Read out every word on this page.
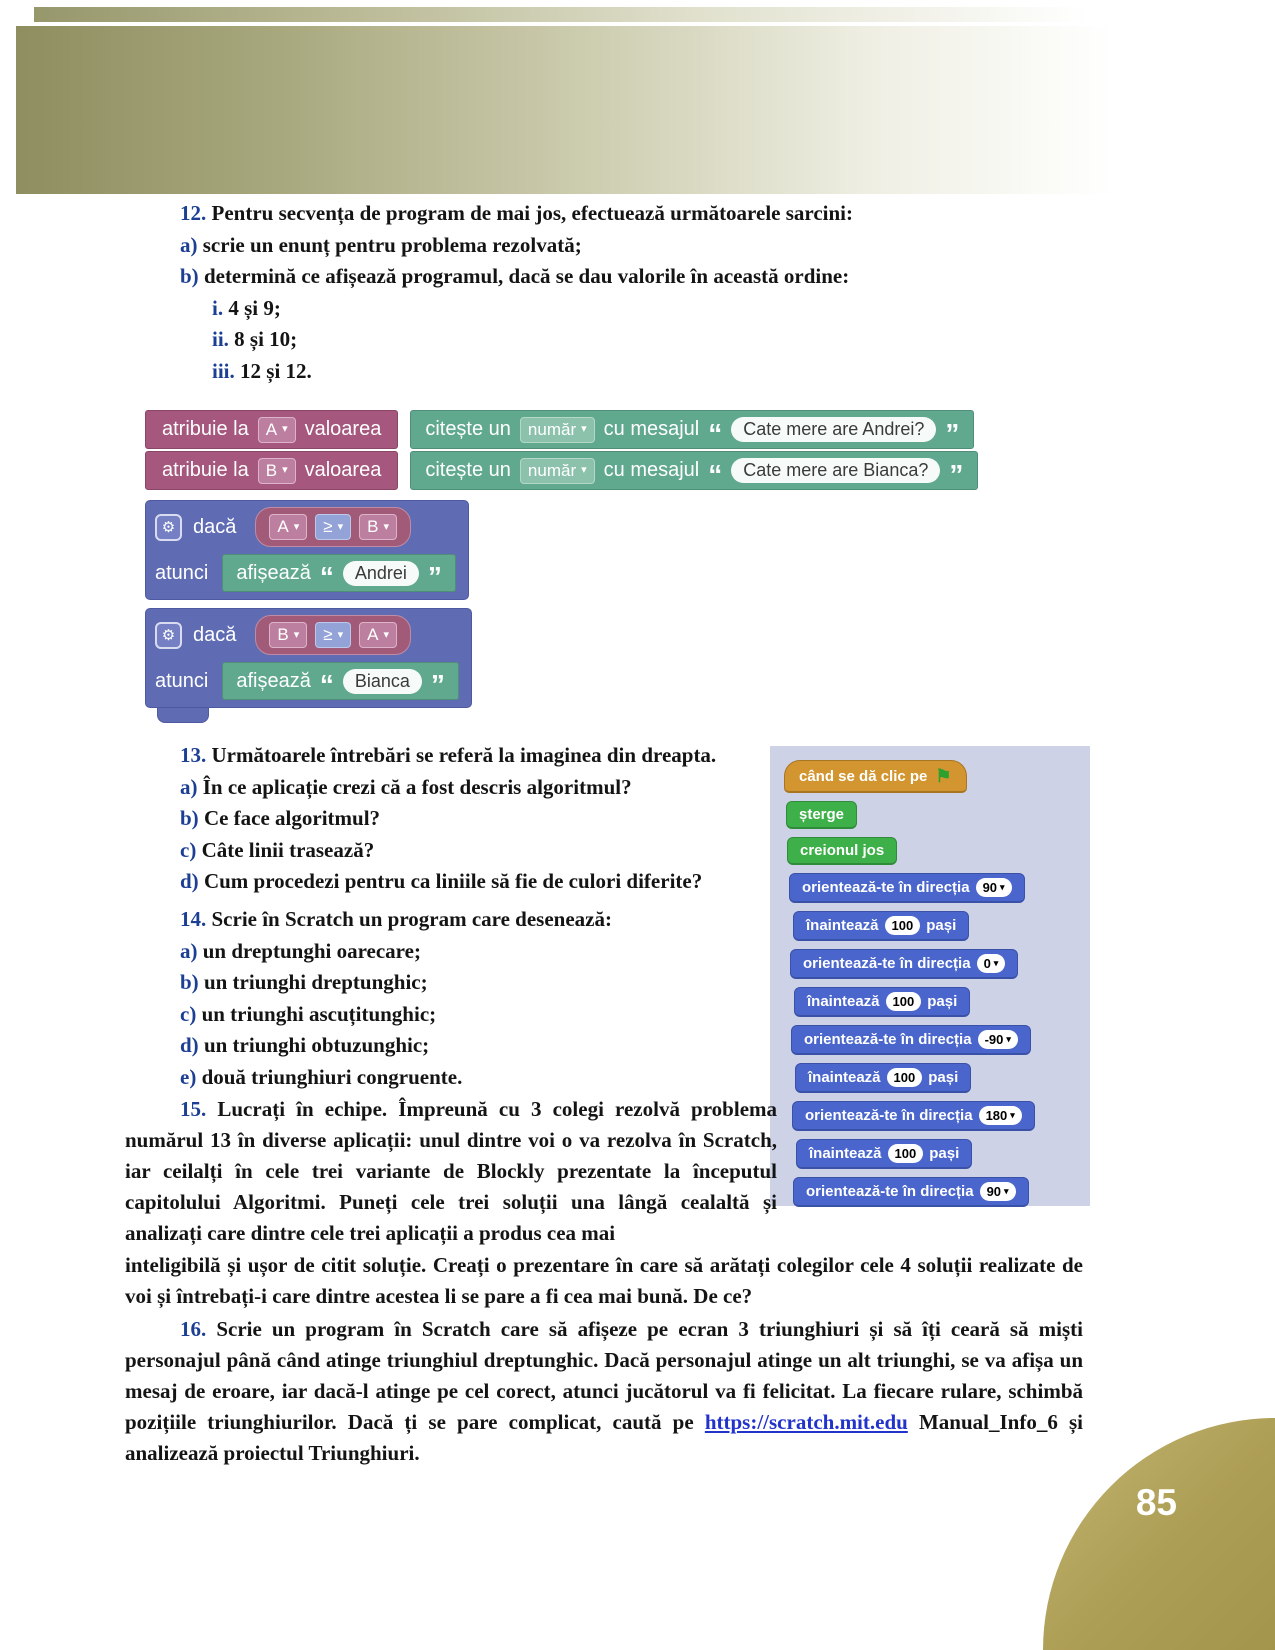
12. Pentru secvența de program de mai jos, efectuează următoarele sarcini:
a) scrie un enunț pentru problema rezolvată;
b) determină ce afișează programul, dacă se dau valorile în această ordine:
i. 4 și 9;
ii. 8 și 10;
iii. 12 și 12.
atribuie la A ▾ valoarea citește un număr ▾ cu mesajul “	Cate mere are Andrei? ”
atribuie la B ▾ valoarea citește un număr ▾ cu mesajul “	Cate mere are Bianca? ”
⚙ dacă A ▾ ≥ ▾ B ▾
atunci afișează “	Andrei ”

⚙ dacă B ▾ ≥ ▾ A ▾
atunci afișează “	Bianca ”
13. Următoarele întrebări se referă la imaginea din dreapta.
a) În ce aplicație crezi că a fost descris algoritmul?
b) Ce face algoritmul?
c) Câte linii trasează?
d) Cum procedezi pentru ca liniile să fie de culori diferite?
14. Scrie în Scratch un program care desenează:
a) un dreptunghi oarecare;
b) un triunghi dreptunghic;
c) un triunghi ascuțitunghic;
d) un triunghi obtuzunghic;
e) două triunghiuri congruente.
când se dă clic pe ⚑
șterge
creionul jos
orientează-te în direcția 90 ▾
înaintează 100 pași
orientează-te în direcția 0 ▾
înaintează 100 pași
orientează-te în direcția -90 ▾
înaintează 100 pași
orientează-te în direcția 180 ▾
înaintează 100 pași
orientează-te în direcția 90 ▾
15. Lucrați în echipe. Împreună cu 3 colegi rezolvă problema numărul 13 în diverse aplicații: unul dintre voi o va rezolva în Scratch, iar ceilalți în cele trei variante de Blockly prezentate la începutul capitolului Algoritmi. Puneți cele trei soluții una lângă cealaltă și analizați care dintre cele trei aplicații a produs cea mai
inteligibilă și ușor de citit soluție. Creați o prezentare în care să arătați colegilor cele 4 soluții realizate de voi și întrebați-i care dintre acestea li se pare a fi cea mai bună. De ce?
16. Scrie un program în Scratch care să afișeze pe ecran 3 triunghiuri și să îți ceară să miști personajul până când atinge triunghiul dreptunghic. Dacă personajul atinge un alt triunghi, se va afișa un mesaj de eroare, iar dacă-l atinge pe cel corect, atunci jucătorul va fi felicitat. La fiecare rulare, schimbă pozițiile triunghiurilor. Dacă ți se pare complicat, caută pe https://scratch.mit.edu Manual_Info_6 și analizează proiectul Triunghiuri.
85
